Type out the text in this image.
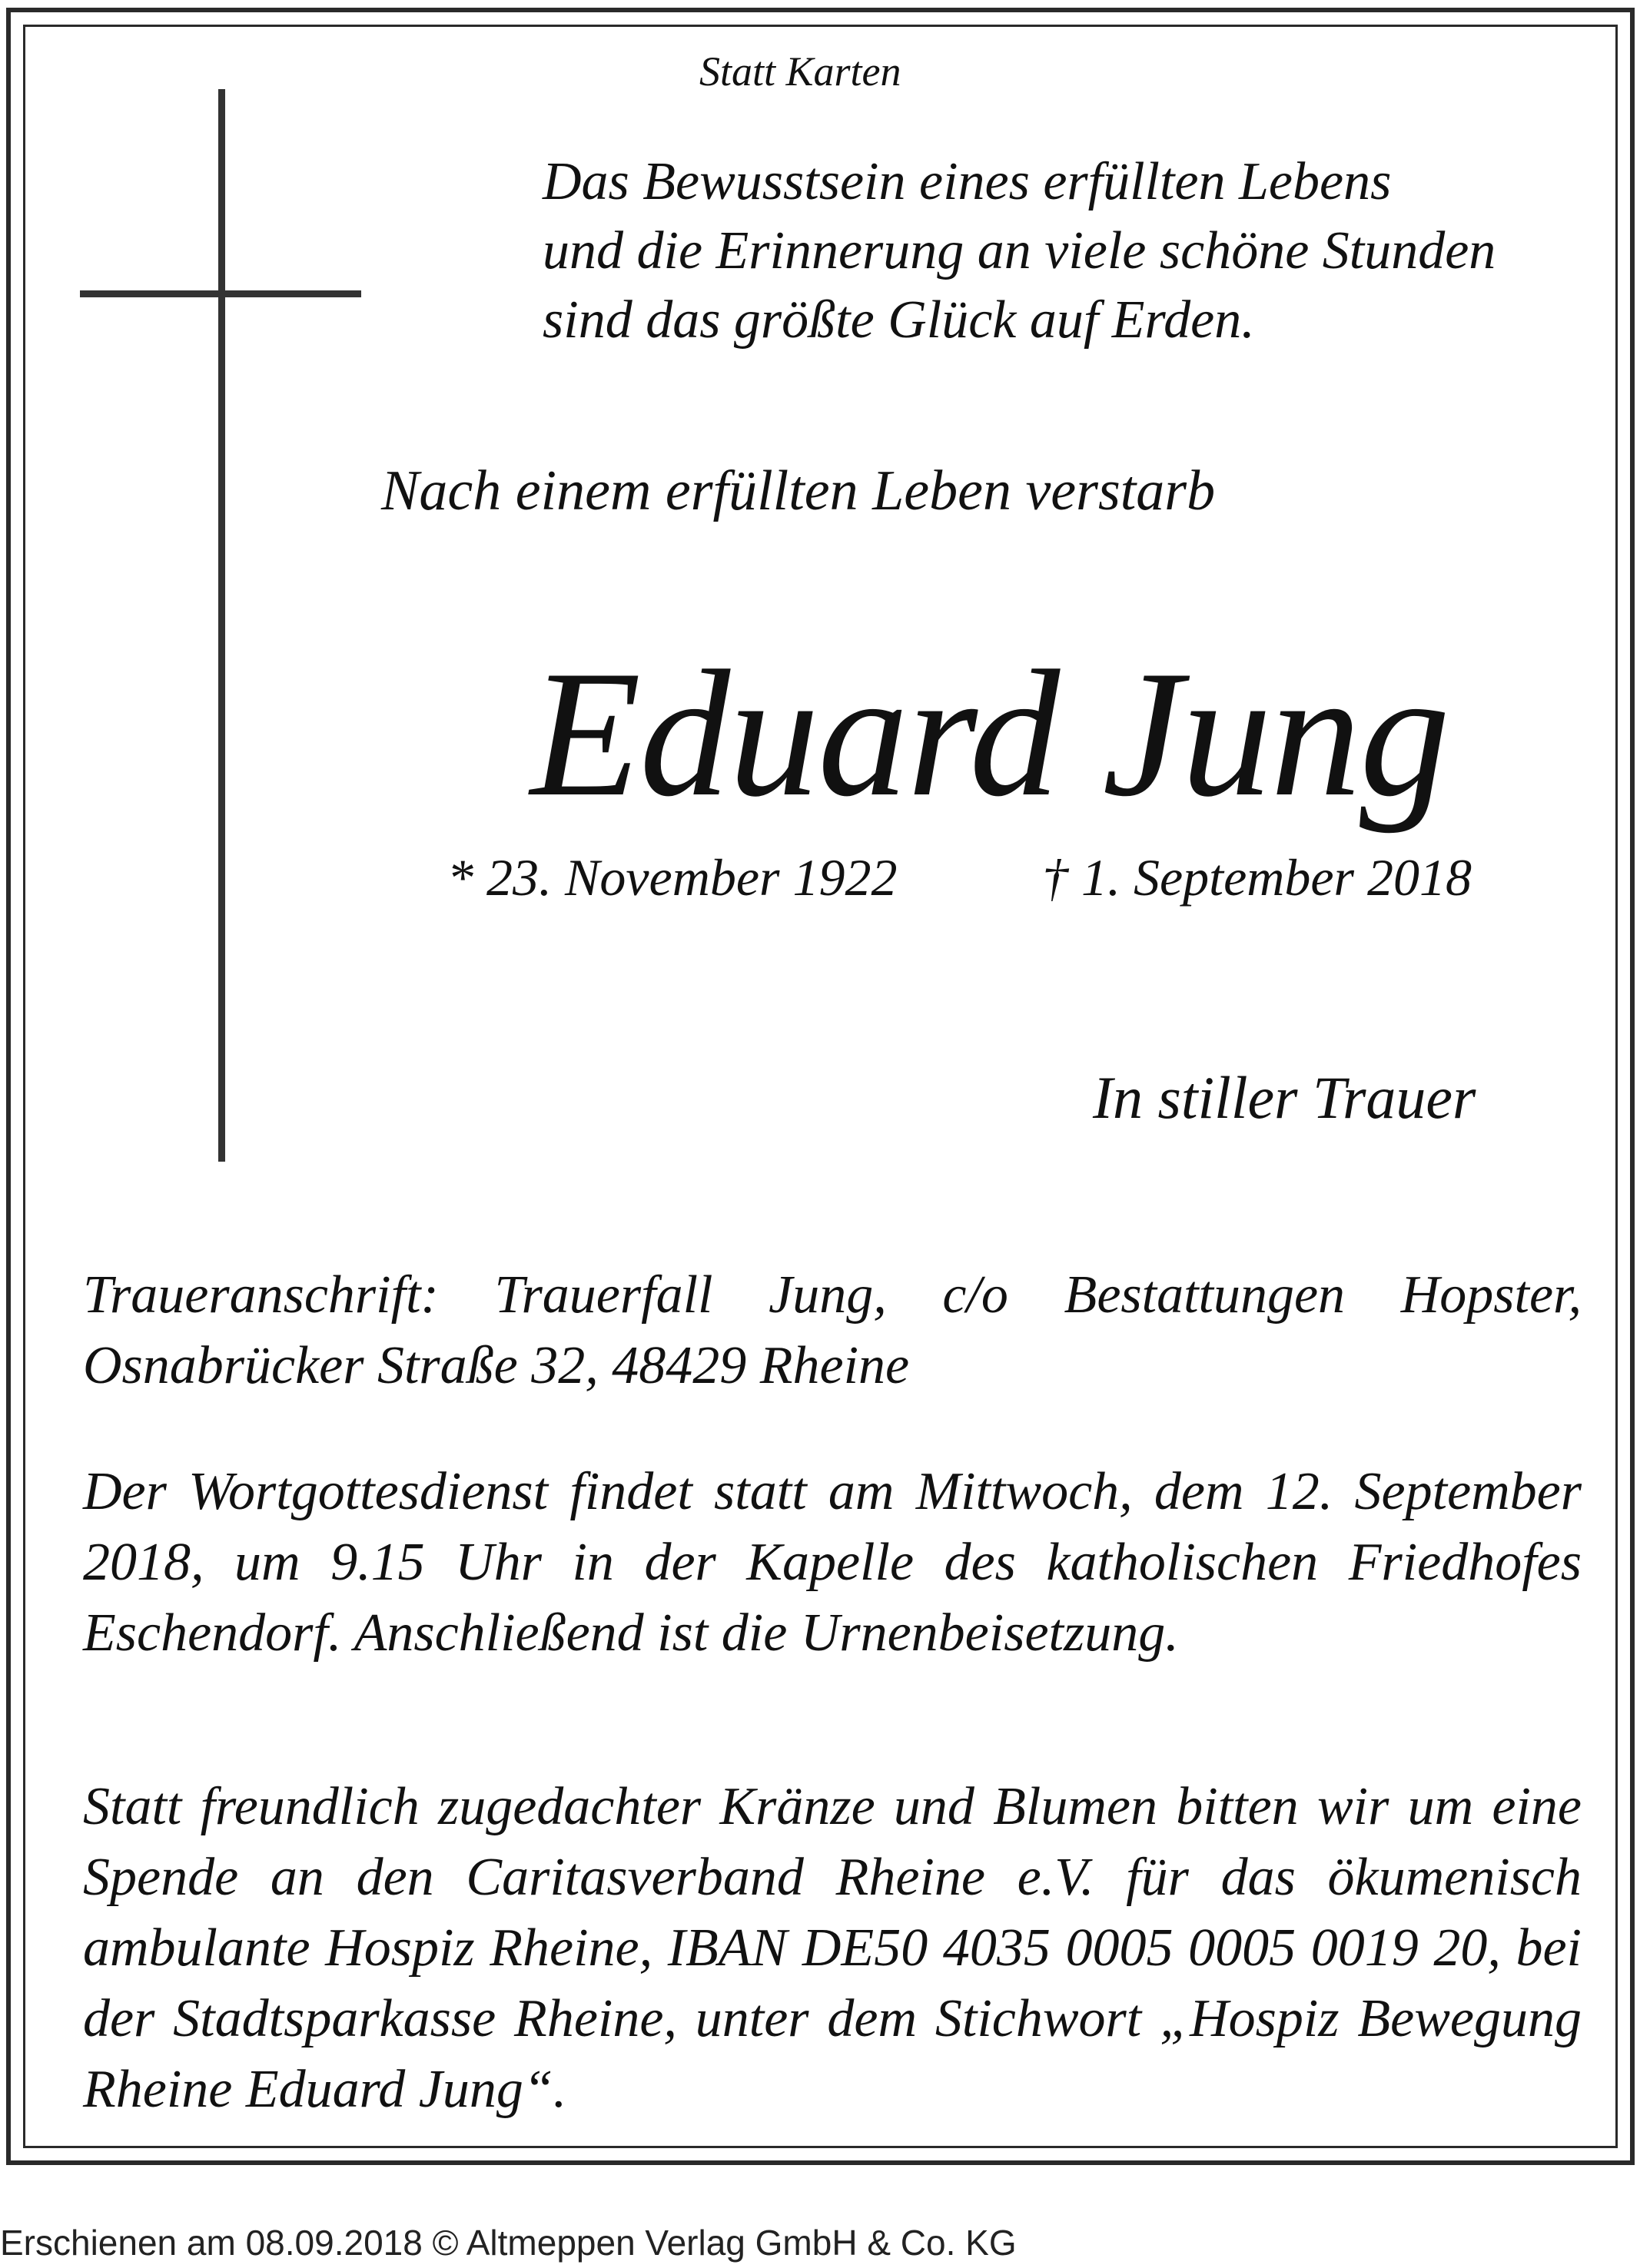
Statt Karten
Das Bewusstsein eines erfüllten Lebens
und die Erinnerung an viele schöne Stunden
sind das größte Glück auf Erden.
Nach einem erfüllten Leben verstarb
Eduard Jung
* 23. November 1922	† 1. September 2018
In stiller Trauer

Traueranschrift: Trauerfall Jung, c/o Bestattungen Hopster, Osnabrücker Straße 32, 48429 Rheine

Der Wortgottesdienst findet statt am Mittwoch, dem 12. September 2018, um 9.15 Uhr in der Kapelle des katholischen Friedhofes Eschendorf. Anschließend ist die Urnenbeisetzung.

Statt freundlich zugedachter Kränze und Blumen bitten wir um eine Spende an den Caritasverband Rheine e.V. für das ökumenisch ambulante Hospiz Rheine, IBAN DE50 4035 0005 0005 0019 20, bei der Stadtsparkasse Rheine, unter dem Stichwort „Hospiz Bewegung Rheine Eduard Jung“.

Erschienen am 08.09.2018 © Altmeppen Verlag GmbH & Co. KG
